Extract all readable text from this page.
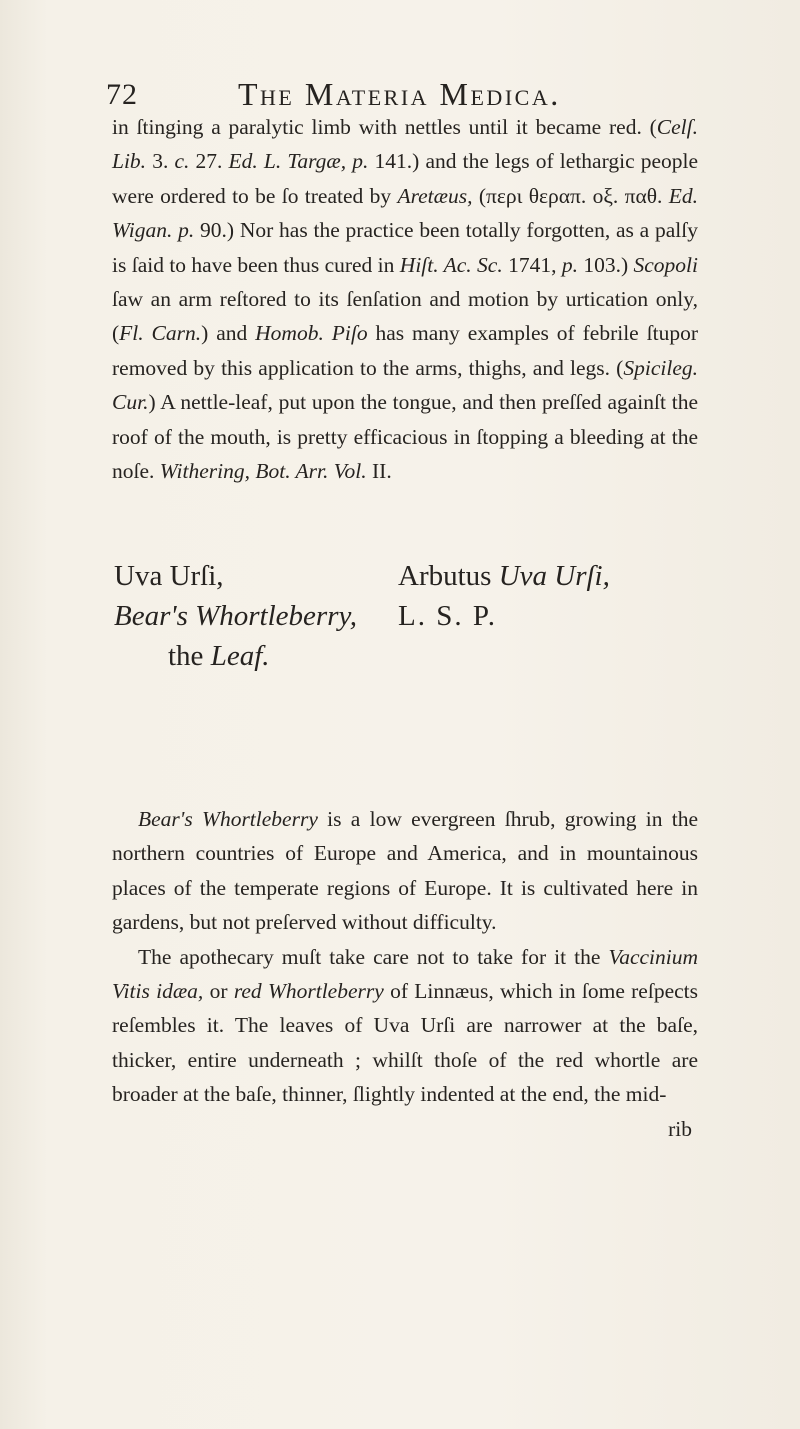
72	The Materia Medica.

in ſtinging a paralytic limb with nettles until it became red. (Celſ. Lib. 3. c. 27. Ed. L. Targæ, p. 141.) and the legs of lethargic people were ordered to be ſo treated by Aretæus, (περι θεραπ. οξ. παθ. Ed. Wigan. p. 90.) Nor has the practice been totally forgotten, as a palſy is ſaid to have been thus cured in Hiſt. Ac. Sc. 1741, p. 103.) Scopoli ſaw an arm reſtored to its ſenſation and motion by urtication only, (Fl. Carn.) and Homob. Piſo has many examples of febrile ſtupor removed by this application to the arms, thighs, and legs. (Spicileg. Cur.) A nettle-leaf, put upon the tongue, and then preſſed againſt the roof of the mouth, is pretty efficacious in ſtopping a bleeding at the noſe. Withering, Bot. Arr. Vol. II.

Uva Urſi,
Bear's Whortleberry,
the Leaf.
Arbutus Uva Urſi,
L. S. P.

Bear's Whortleberry is a low evergreen ſhrub, growing in the northern countries of Europe and America, and in mountainous places of the temperate regions of Europe. It is cultivated here in gardens, but not preſerved without difficulty.

The apothecary muſt take care not to take for it the Vaccinium Vitis idæa, or red Whortleberry of Linnæus, which in ſome reſpects reſembles it. The leaves of Uva Urſi are narrower at the baſe, thicker, entire underneath ; whilſt thoſe of the red whortle are broader at the baſe, thinner, ſlightly indented at the end, the mid-

rib
